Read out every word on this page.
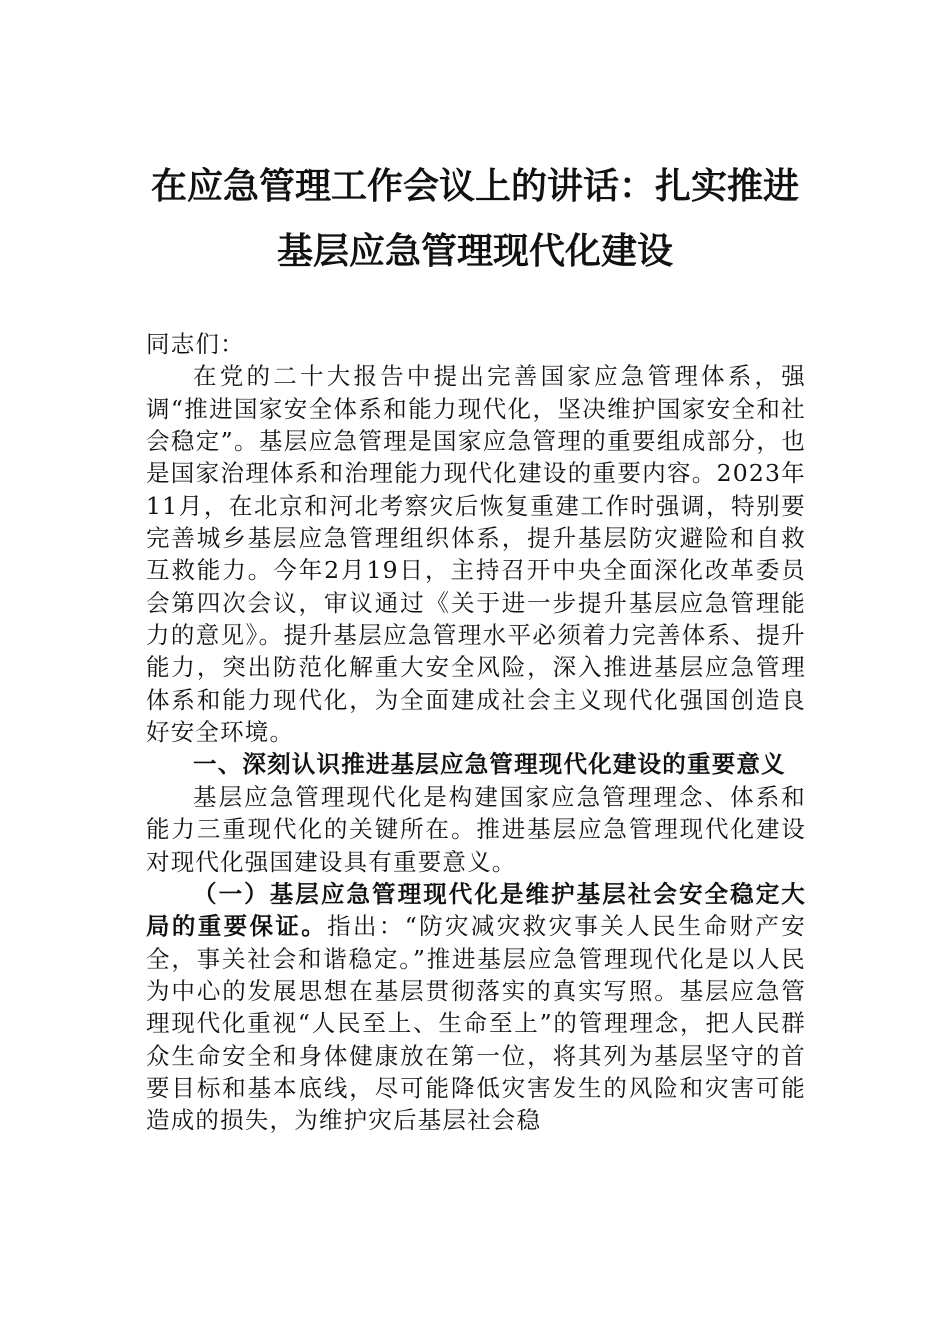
在应急管理工作会议上的讲话：扎实推进
基层应急管理现代化建设

同志们：

在党的二十大报告中提出完善国家应急管理体系，强调“推进国家安全体系和能力现代化，坚决维护国家安全和社会稳定”。基层应急管理是国家应急管理的重要组成部分，也是国家治理体系和治理能力现代化建设的重要内容。2023年11月，在北京和河北考察灾后恢复重建工作时强调，特别要完善城乡基层应急管理组织体系，提升基层防灾避险和自救互救能力。今年2月19日，主持召开中央全面深化改革委员会第四次会议，审议通过《关于进一步提升基层应急管理能力的意见》。提升基层应急管理水平必须着力完善体系、提升能力，突出防范化解重大安全风险，深入推进基层应急管理体系和能力现代化，为全面建成社会主义现代化强国创造良好安全环境。

一、深刻认识推进基层应急管理现代化建设的重要意义

基层应急管理现代化是构建国家应急管理理念、体系和能力三重现代化的关键所在。推进基层应急管理现代化建设对现代化强国建设具有重要意义。

（一）基层应急管理现代化是维护基层社会安全稳定大局的重要保证。指出：“防灾减灾救灾事关人民生命财产安全，事关社会和谐稳定。”推进基层应急管理现代化是以人民为中心的发展思想在基层贯彻落实的真实写照。基层应急管理现代化重视“人民至上、生命至上”的管理理念，把人民群众生命安全和身体健康放在第一位，将其列为基层坚守的首要目标和基本底线，尽可能降低灾害发生的风险和灾害可能造成的损失，为维护灾后基层社会稳
